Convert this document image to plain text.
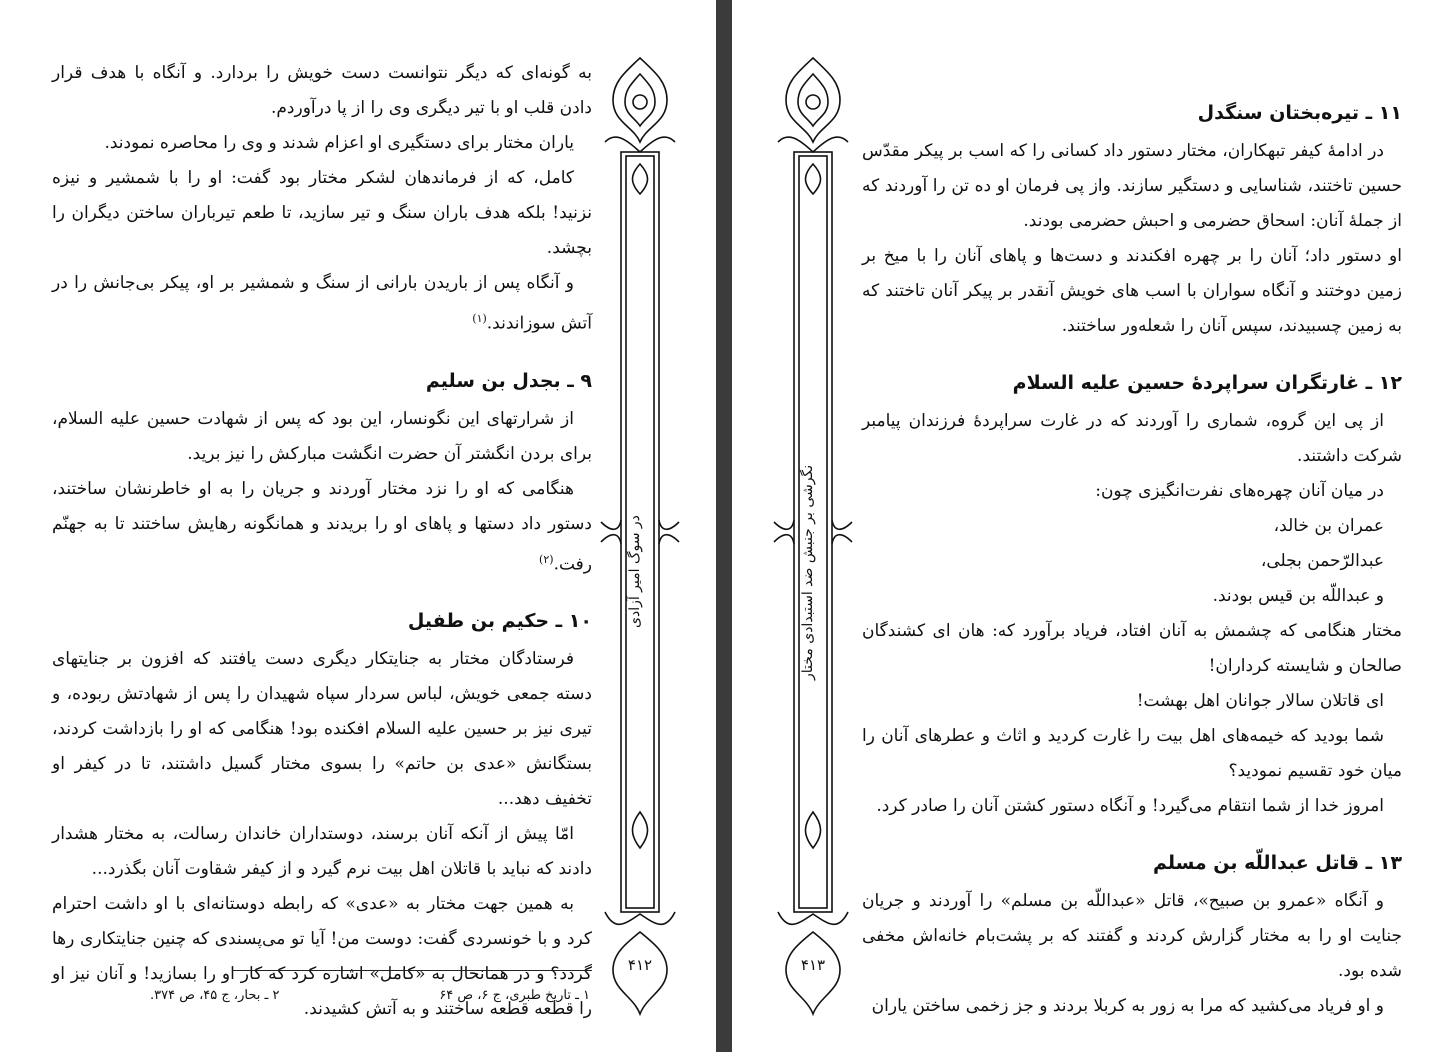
به گونه‌ای که دیگر نتوانست دست خویش را بردارد. و آنگاه با هدف قرار دادن قلب او با تیر دیگری وی را از پا درآوردم.

یاران مختار برای دستگیری او اعزام شدند و وی را محاصره نمودند.

کامل، که از فرماندهان لشکر مختار بود گفت: او را با شمشیر و نیزه نزنید! بلکه هدف باران سنگ و تیر سازید، تا طعم تیرباران ساختن دیگران را بچشد.

و آنگاه پس از باریدن بارانی از سنگ و شمشیر بر او، پیکر بی‌جانش را در آتش سوزاندند.$^{(۱)}$

۹ ـ بجدل بن سلیم

از شرارتهای این نگونسار، این بود که پس از شهادت حسین علیه السلام، برای بردن انگشتر آن حضرت انگشت مبارکش را نیز برید.

هنگامی که او را نزد مختار آوردند و جریان را به او خاطرنشان ساختند، دستور داد دستها و پاهای او را بریدند و همانگونه رهایش ساختند تا به جهنّم رفت.$^{(۲)}$

۱۰ ـ حکیم بن طفیل

فرستادگان مختار به جنایتکار دیگری دست یافتند که افزون بر جنایتهای دسته جمعی خویش، لباس سردار سپاه شهیدان را پس از شهادتش ربوده، و تیری نیز بر حسین علیه السلام افکنده بود! هنگامی که او را بازداشت کردند، بستگانش «عدی بن حاتم» را بسوی مختار گسیل داشتند، تا در کیفر او تخفیف دهد...

امّا پیش از آنکه آنان برسند، دوستداران خاندان رسالت، به مختار هشدار دادند که نباید با قاتلان اهل بیت نرم گیرد و از کیفر شقاوت آنان بگذرد...

به همین جهت مختار به «عدی» که رابطه دوستانه‌ای با او داشت احترام کرد و با خونسردی گفت: دوست من! آیا تو می‌پسندی که چنین جنایتکاری رها گردد؟ و در همانحال به «کامل» اشاره کرد که کار او را بسازید! و آنان نیز او را قطعه قطعه ساختند و به آتش کشیدند.

۱ ـ تاریخ طبری، ج ۶، ص ۶۴
۲ ـ بحار، ج ۴۵، ص ۳۷۴.
در سوگ امیر آزادی
۴۱۲
نگرشی بر جنبش ضد استبدادی مختار
۴۱۳
۱۱ ـ تیره‌بختان سنگدل

در ادامهٔ کیفر تبهکاران، مختار دستور داد کسانی را که اسب بر پیکر مقدّس حسین تاختند، شناسایی و دستگیر سازند. واز پی فرمان او ده تن را آوردند که از جملهٔ آنان: اسحاق حضرمی و احبش حضرمی بودند.

او دستور داد؛ آنان را بر چهره افکندند و دست‌ها و پاهای آنان را با میخ بر زمین دوختند و آنگاه سواران با اسب های خویش آنقدر بر پیکر آنان تاختند که به زمین چسبیدند، سپس آنان را شعله‌ور ساختند.

۱۲ ـ غارتگران سراپردهٔ حسین علیه السلام

از پی این گروه، شماری را آوردند که در غارت سراپردهٔ فرزندان پیامبر شرکت داشتند.

در میان آنان چهره‌های نفرت‌انگیزی چون:

عمران بن خالد،

عبدالرّحمن بجلی،

و عبداللّه بن قیس بودند.

مختار هنگامی که چشمش به آنان افتاد، فریاد برآورد که: هان ای کشندگان صالحان و شایسته کرداران!

ای قاتلان سالار جوانان اهل بهشت!

شما بودید که خیمه‌های اهل بیت را غارت کردید و اثاث و عطرهای آنان را میان خود تقسیم نمودید؟

امروز خدا از شما انتقام می‌گیرد! و آنگاه دستور کشتن آنان را صادر کرد.

۱۳ ـ قاتل عبداللّه بن مسلم

و آنگاه «عمرو بن صبیح»، قاتل «عبداللّه بن مسلم» را آوردند و جریان جنایت او را به مختار گزارش کردند و گفتند که بر پشت‌بام خانه‌اش مخفی شده بود.

و او فریاد می‌کشید که مرا به زور به کربلا بردند و جز زخمی ساختن یاران
